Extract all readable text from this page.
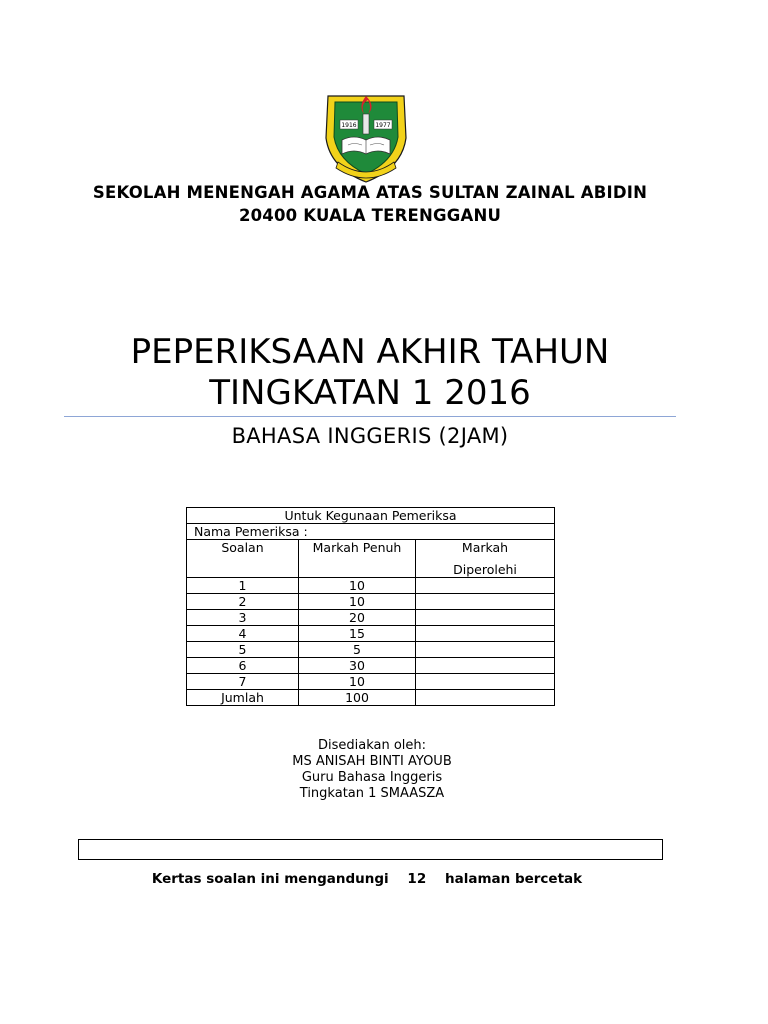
1916	1977
SEKOLAH MENENGAH AGAMA ATAS SULTAN ZAINAL ABIDIN
20400 KUALA TERENGGANU
PEPERIKSAAN AKHIR TAHUN
TINGKATAN 1 2016
BAHASA INGGERIS (2JAM)
Untuk Kegunaan Pemeriksa		
Nama Pemeriksa :		
Soalan	Markah Penuh	Markah
Diperolehi

1	10	
2	10	
3	20	
4	15	
5	5	
6	30	
7	10	
Jumlah	100	
Disediakan oleh:
MS ANISAH BINTI AYOUB
Guru Bahasa Inggeris
Tingkatan 1 SMAASZA
Kertas soalan ini mengandungi    12    halaman bercetak
